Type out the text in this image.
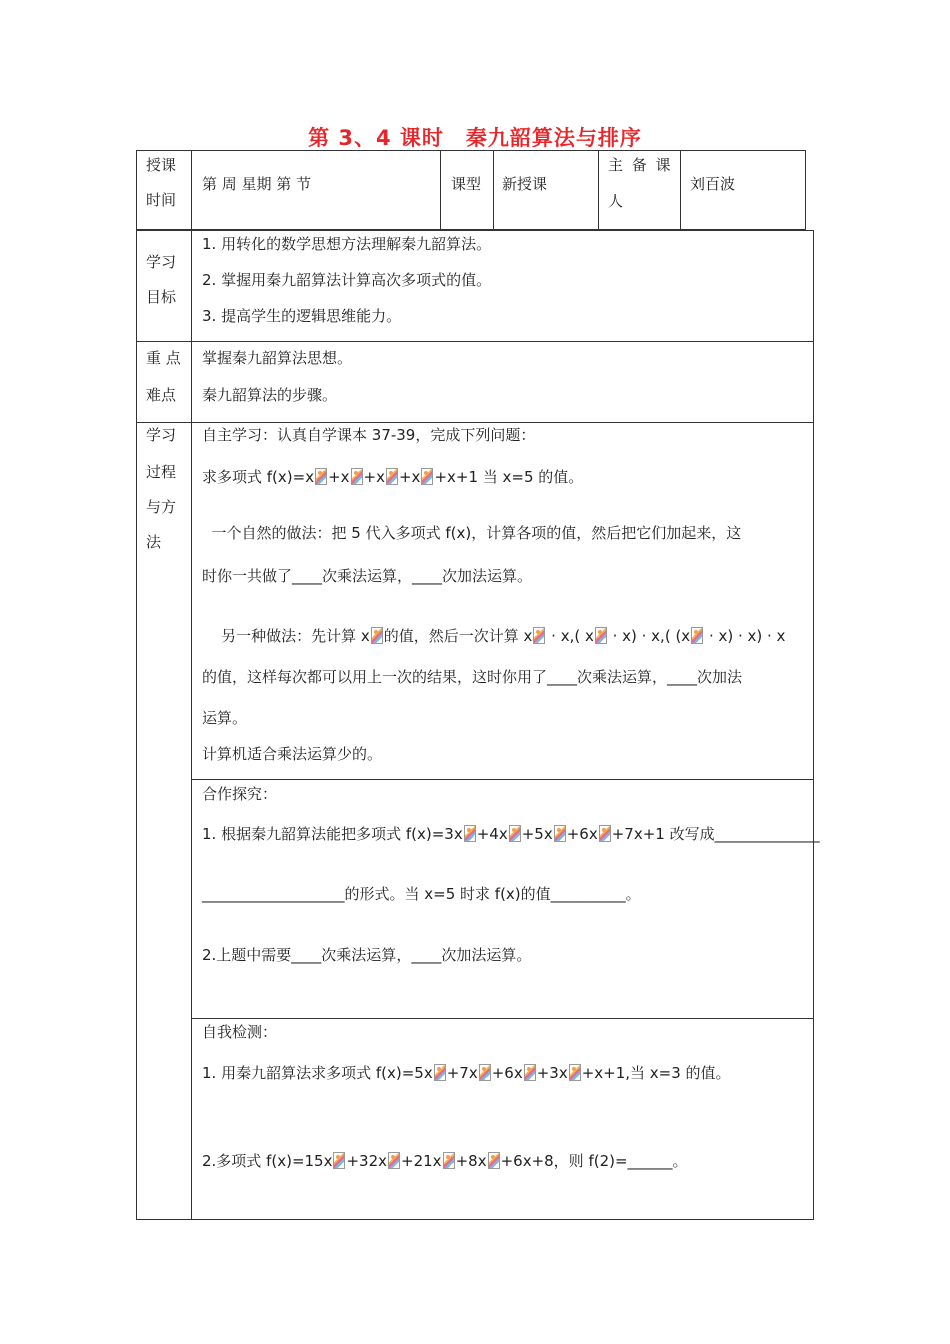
第 3、4 课时 秦九韶算法与排序
授课
时间
第 周 星期 第 节	课型 新授课
主 备 课
人
刘百波
学习
目标
1. 用转化的数学思想方法理解秦九韶算法。
2. 掌握用秦九韶算法计算高次多项式的值。
3. 提高学生的逻辑思维能力。
重 点
难点
掌握秦九韶算法思想。
秦九韶算法的步骤。
学习
过程
与方
法
自主学习：认真自学课本 37-39，完成下列问题：
求多项式 f(x)=x +x +x +x +x+1 当 x=5 的值。
一个自然的做法：把 5 代入多项式 f(x)，计算各项的值，然后把它们加起来，这
时你一共做了____次乘法运算，____次加法运算。

另一种做法：先计算 x 的值，然后一次计算 x · x,( x · x) · x,( (x · x) · x) · x

的值，这样每次都可以用上一次的结果，这时你用了____次乘法运算，____次加法
运算。
计算机适合乘法运算少的。
合作探究：
1. 根据秦九韶算法能把多项式 f(x)=3x +4x +5x +6x +7x+1 改写成______________
___________________的形式。当 x=5 时求 f(x)的值__________。
2.上题中需要____次乘法运算，____次加法运算。
自我检测：
1. 用秦九韶算法求多项式 f(x)=5x +7x +6x +3x +x+1,当 x=3 的值。
2.多项式 f(x)=15x +32x +21x +8x +6x+8，则 f(2)=______。
